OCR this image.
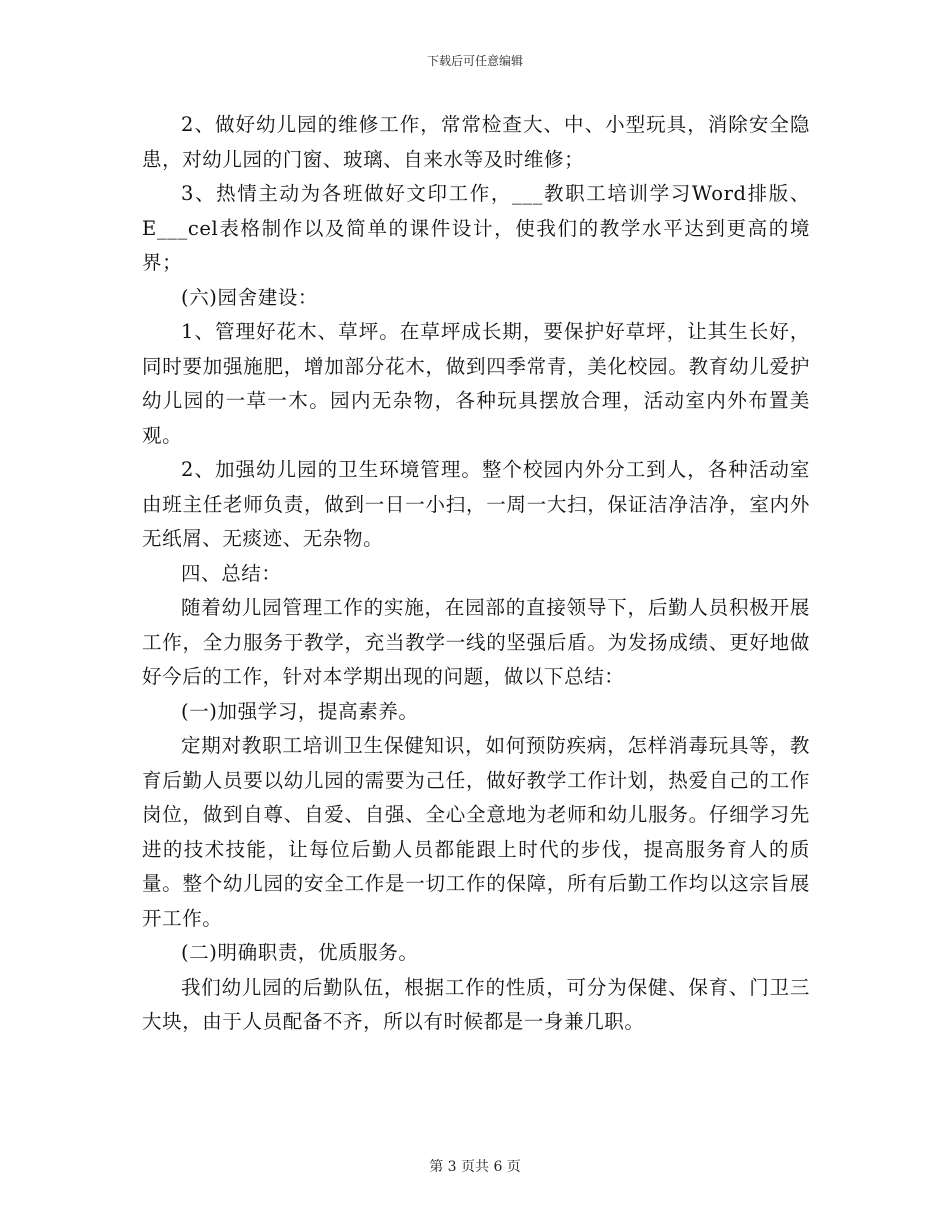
下载后可任意编辑

2、做好幼儿园的维修工作，常常检查大、中、小型玩具，消除安全隐患，对幼儿园的门窗、玻璃、自来水等及时维修；

3、热情主动为各班做好文印工作，___教职工培训学习Word排版、E___cel表格制作以及简单的课件设计，使我们的教学水平达到更高的境界；

(六)园舍建设：

1、管理好花木、草坪。在草坪成长期，要保护好草坪，让其生长好，同时要加强施肥，增加部分花木，做到四季常青，美化校园。教育幼儿爱护幼儿园的一草一木。园内无杂物，各种玩具摆放合理，活动室内外布置美观。

2、加强幼儿园的卫生环境管理。整个校园内外分工到人，各种活动室由班主任老师负责，做到一日一小扫，一周一大扫，保证洁净洁净，室内外无纸屑、无痰迹、无杂物。

四、总结：

随着幼儿园管理工作的实施，在园部的直接领导下，后勤人员积极开展工作，全力服务于教学，充当教学一线的坚强后盾。为发扬成绩、更好地做好今后的工作，针对本学期出现的问题，做以下总结：

(一)加强学习，提高素养。

定期对教职工培训卫生保健知识，如何预防疾病，怎样消毒玩具等，教育后勤人员要以幼儿园的需要为己任，做好教学工作计划，热爱自己的工作岗位，做到自尊、自爱、自强、全心全意地为老师和幼儿服务。仔细学习先进的技术技能，让每位后勤人员都能跟上时代的步伐，提高服务育人的质量。整个幼儿园的安全工作是一切工作的保障，所有后勤工作均以这宗旨展开工作。

(二)明确职责，优质服务。

我们幼儿园的后勤队伍，根据工作的性质，可分为保健、保育、门卫三大块，由于人员配备不齐，所以有时候都是一身兼几职。

第 3 页共 6 页
